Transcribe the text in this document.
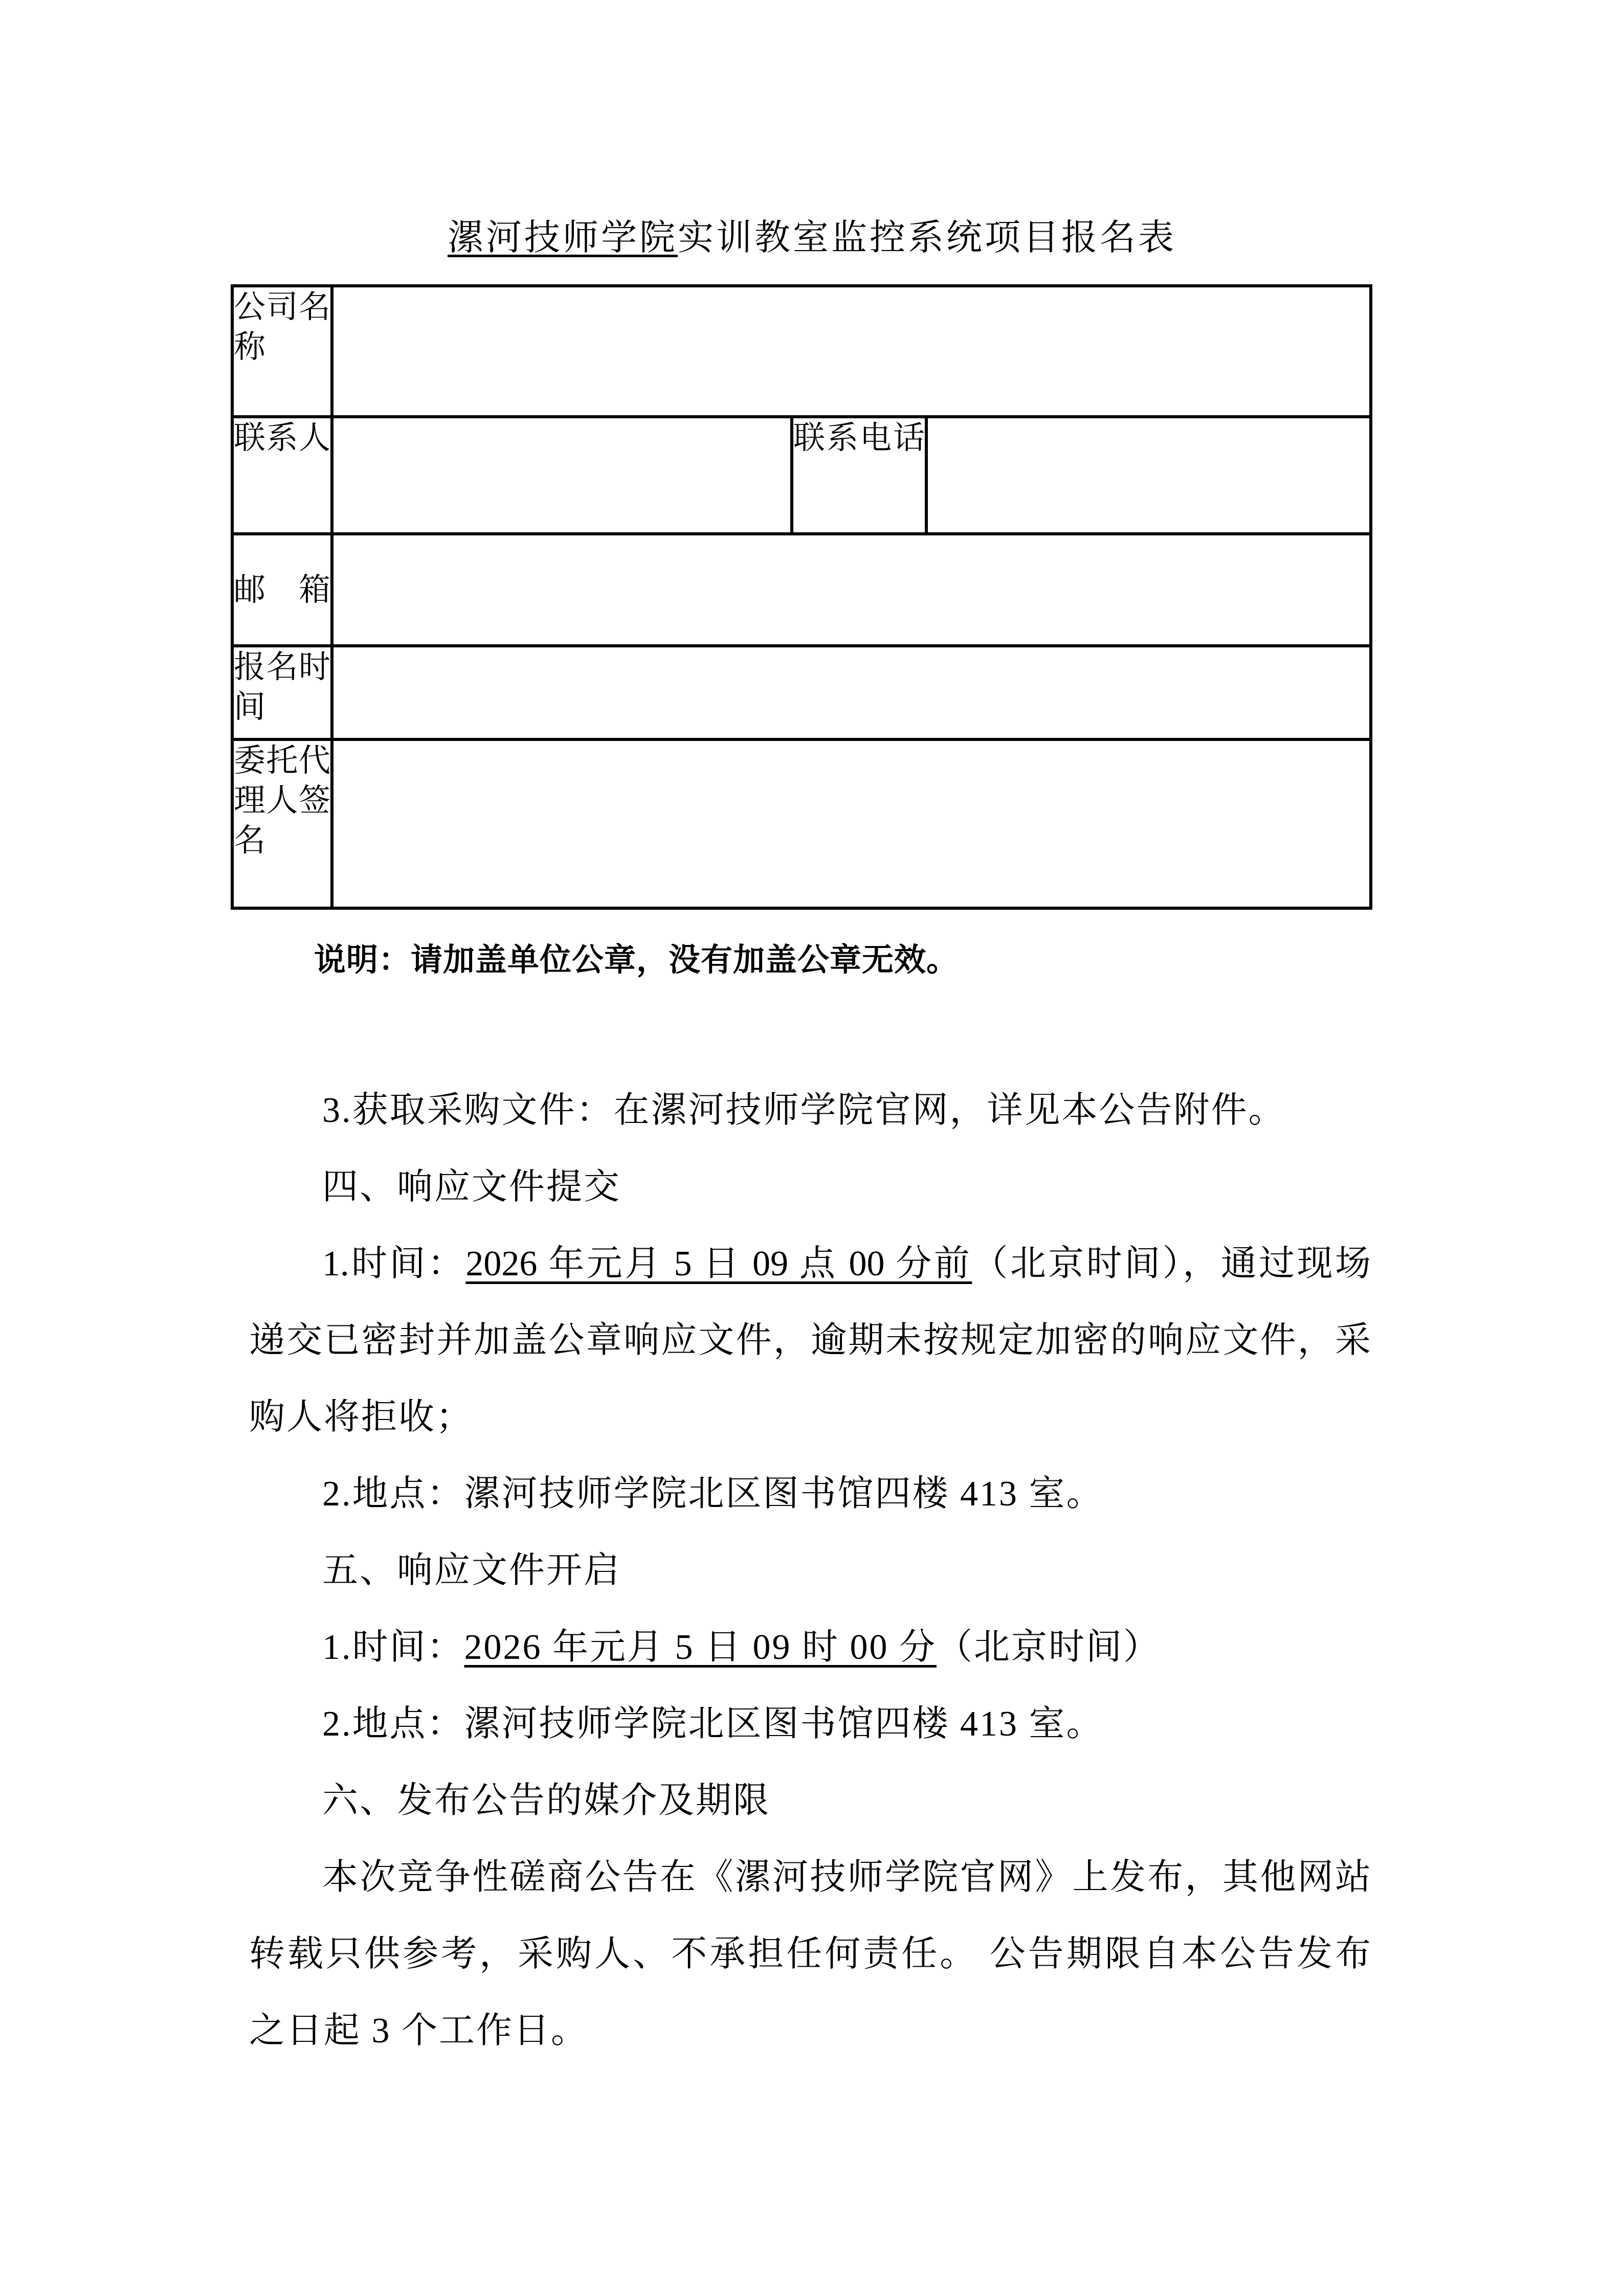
漯河技师学院实训教室监控系统项目报名表
公司名称			
联系人		联系电话	
邮箱			
报名时间			
委托代理人签名			
说明：请加盖单位公章，没有加盖公章无效。
3.获取采购文件：在漯河技师学院官网，详见本公告附件。
四、响应文件提交
1.时间：2026 年元月 5 日 09 点 00 分前（北京时间），通过现场
递交已密封并加盖公章响应文件，逾期未按规定加密的响应文件，采
购人将拒收；
2.地点：漯河技师学院北区图书馆四楼 413 室。
五、响应文件开启
1.时间：2026 年元月 5 日 09 时 00 分（北京时间）
2.地点：漯河技师学院北区图书馆四楼 413 室。
六、发布公告的媒介及期限
本次竞争性磋商公告在《漯河技师学院官网》上发布，其他网站
转载只供参考，采购人、不承担任何责任。 公告期限自本公告发布
之日起 3 个工作日。
